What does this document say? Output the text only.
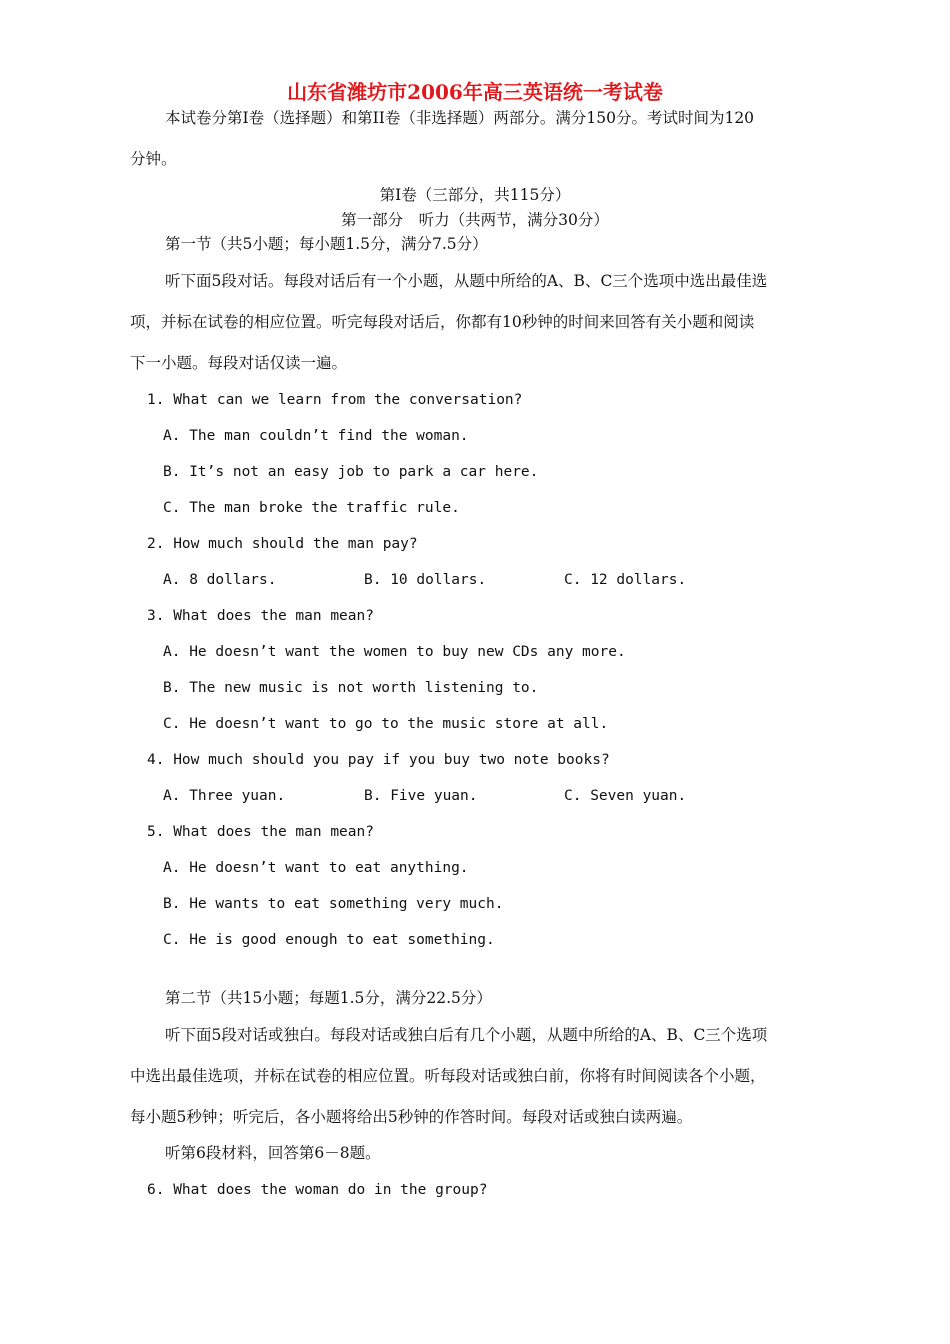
山东省潍坊市2006年高三英语统一考试卷
本试卷分第Ⅰ卷（选择题）和第II卷（非选择题）两部分。满分150分。考试时间为120
分钟。
第Ⅰ卷（三部分，共115分）
第一部分　听力（共两节，满分30分）
第一节（共5小题；每小题1.5分，满分7.5分）
听下面5段对话。每段对话后有一个小题，从题中所给的A、B、C三个选项中选出最佳选
项，并标在试卷的相应位置。听完每段对话后，你都有10秒钟的时间来回答有关小题和阅读
下一小题。每段对话仅读一遍。
1. What can we learn from the conversation?
A. The man couldn’t find the woman.
B. It’s not an easy job to park a car here.
C. The man broke the traffic rule.
2. How much should the man pay?
A. 8 dollars.	B. 10 dollars.	C. 12 dollars.
3. What does the man mean?
A. He doesn’t want the women to buy new CDs any more.
B. The new music is not worth listening to.
C. He doesn’t want to go to the music store at all.
4. How much should you pay if you buy two note books?
A. Three yuan.	B. Five yuan.	C. Seven yuan.
5. What does the man mean?
A. He doesn’t want to eat anything.
B. He wants to eat something very much.
C. He is good enough to eat something.
第二节（共15小题；每题1.5分，满分22.5分）
听下面5段对话或独白。每段对话或独白后有几个小题，从题中所给的A、B、C三个选项
中选出最佳选项，并标在试卷的相应位置。听每段对话或独白前，你将有时间阅读各个小题，
每小题5秒钟；听完后，各小题将给出5秒钟的作答时间。每段对话或独白读两遍。
听第6段材料，回答第6－8题。
6. What does the woman do in the group?
